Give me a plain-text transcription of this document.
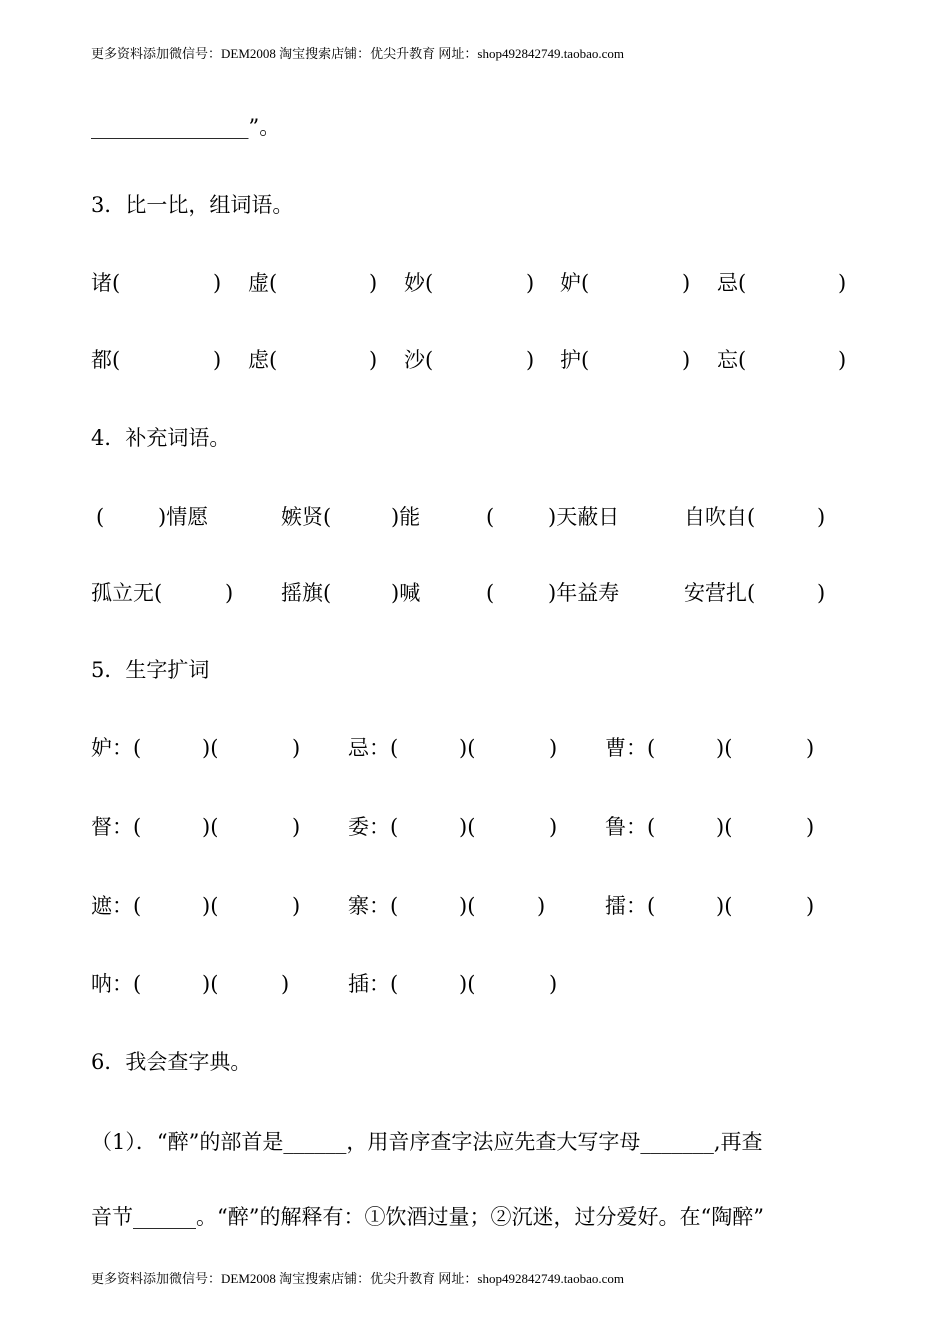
更多资料添加微信号：DEM2008 淘宝搜索店铺：优尖升教育 网址：shop492842749.taobao.com
_______________”。
3．比一比，组词语。
诸(	) 虚(	) 妙(	) 妒(	) 忌(	)
都(	) 虑(	) 沙(	) 护(	) 忘(	)
4．补充词语。
(	)情愿	嫉贤(	)能	(	)天蔽日	自吹自(	)
孤立无(	) 摇旗(	)喊	(	)年益寿	安营扎(	)
5．生字扩词
妒：(	)(	) 忌：(	)(	) 曹：(	)(	)
督：(	)(	) 委：(	)(	) 鲁：(	)(	)
遮：(	)(	) 寨：(	)(	)	擂：(	)(	)
呐：(	)(	)	插：(	)(	)
6．我会查字典。
（1）．“醉”的部首是______，用音序查字法应先查大写字母_______,再查
音节______。“醉”的解释有：①饮酒过量；②沉迷，过分爱好。在“陶醉”
更多资料添加微信号：DEM2008 淘宝搜索店铺：优尖升教育 网址：shop492842749.taobao.com
